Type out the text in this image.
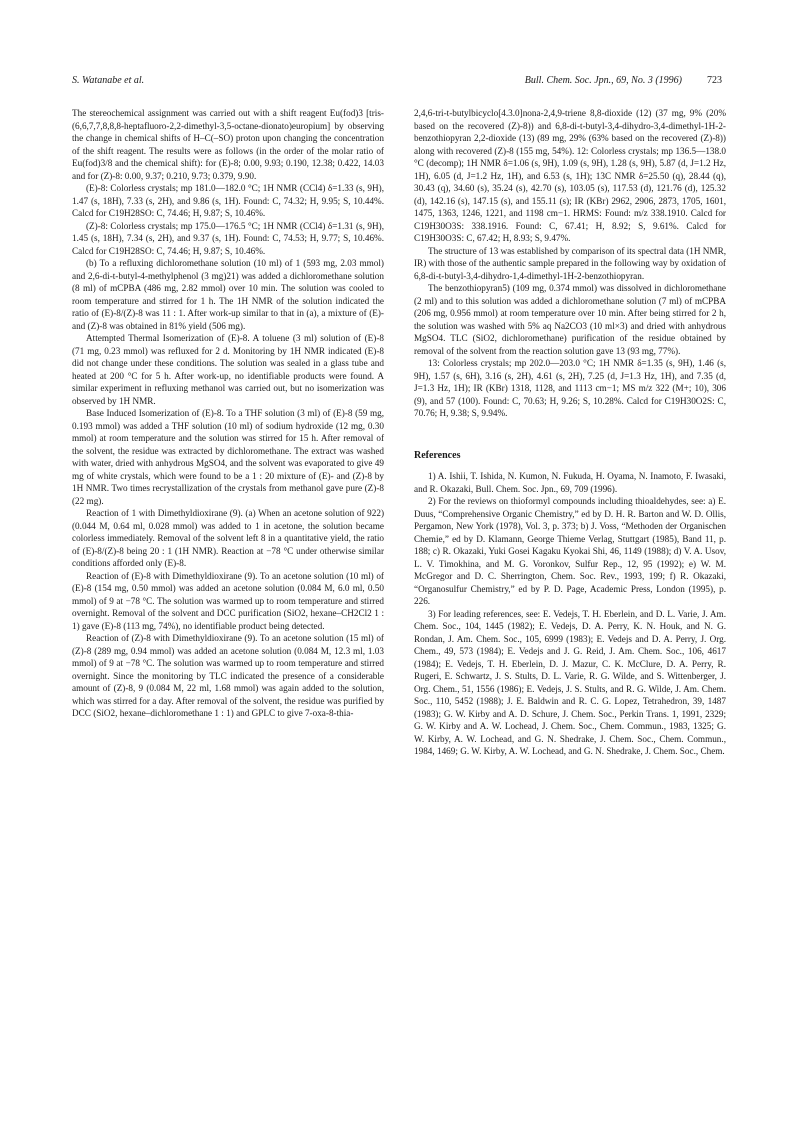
S. Watanabe et al.	Bull. Chem. Soc. Jpn., 69, No. 3 (1996)	723

The stereochemical assignment was carried out with a shift reagent Eu(fod)3 [tris-(6,6,7,7,8,8,8-heptafluoro-2,2-dimethyl-3,5-octane-dionato)europium] by observing the change in chemical shifts of H–C(–SO) proton upon changing the concentration of the shift reagent. The results were as follows (in the order of the molar ratio of Eu(fod)3/8 and the chemical shift): for (E)-8; 0.00, 9.93; 0.190, 12.38; 0.422, 14.03 and for (Z)-8: 0.00, 9.37; 0.210, 9.73; 0.379, 9.90.

(E)-8: Colorless crystals; mp 181.0—182.0 °C; 1H NMR (CCl4) δ=1.33 (s, 9H), 1.47 (s, 18H), 7.33 (s, 2H), and 9.86 (s, 1H). Found: C, 74.32; H, 9.95; S, 10.44%. Calcd for C19H28SO: C, 74.46; H, 9.87; S, 10.46%.

(Z)-8: Colorless crystals; mp 175.0—176.5 °C; 1H NMR (CCl4) δ=1.31 (s, 9H), 1.45 (s, 18H), 7.34 (s, 2H), and 9.37 (s, 1H). Found: C, 74.53; H, 9.77; S, 10.46%. Calcd for C19H28SO: C, 74.46; H, 9.87; S, 10.46%.

(b) To a refluxing dichloromethane solution (10 ml) of 1 (593 mg, 2.03 mmol) and 2,6-di-t-butyl-4-methylphenol (3 mg)21) was added a dichloromethane solution (8 ml) of mCPBA (486 mg, 2.82 mmol) over 10 min. The solution was cooled to room temperature and stirred for 1 h. The 1H NMR of the solution indicated the ratio of (E)-8/(Z)-8 was 11 : 1. After work-up similar to that in (a), a mixture of (E)- and (Z)-8 was obtained in 81% yield (506 mg).

Attempted Thermal Isomerization of (E)-8. A toluene (3 ml) solution of (E)-8 (71 mg, 0.23 mmol) was refluxed for 2 d. Monitoring by 1H NMR indicated (E)-8 did not change under these conditions. The solution was sealed in a glass tube and heated at 200 °C for 5 h. After work-up, no identifiable products were found. A similar experiment in refluxing methanol was carried out, but no isomerization was observed by 1H NMR.

Base Induced Isomerization of (E)-8. To a THF solution (3 ml) of (E)-8 (59 mg, 0.193 mmol) was added a THF solution (10 ml) of sodium hydroxide (12 mg, 0.30 mmol) at room temperature and the solution was stirred for 15 h. After removal of the solvent, the residue was extracted by dichloromethane. The extract was washed with water, dried with anhydrous MgSO4, and the solvent was evaporated to give 49 mg of white crystals, which were found to be a 1 : 20 mixture of (E)- and (Z)-8 by 1H NMR. Two times recrystallization of the crystals from methanol gave pure (Z)-8 (22 mg).

Reaction of 1 with Dimethyldioxirane (9). (a) When an acetone solution of 922) (0.044 M, 0.64 ml, 0.028 mmol) was added to 1 in acetone, the solution became colorless immediately. Removal of the solvent left 8 in a quantitative yield, the ratio of (E)-8/(Z)-8 being 20 : 1 (1H NMR). Reaction at −78 °C under otherwise similar conditions afforded only (E)-8.

Reaction of (E)-8 with Dimethyldioxirane (9). To an acetone solution (10 ml) of (E)-8 (154 mg, 0.50 mmol) was added an acetone solution (0.084 M, 6.0 ml, 0.50 mmol) of 9 at −78 °C. The solution was warmed up to room temperature and stirred overnight. Removal of the solvent and DCC purification (SiO2, hexane–CH2Cl2 1 : 1) gave (E)-8 (113 mg, 74%), no identifiable product being detected.

Reaction of (Z)-8 with Dimethyldioxirane (9). To an acetone solution (15 ml) of (Z)-8 (289 mg, 0.94 mmol) was added an acetone solution (0.084 M, 12.3 ml, 1.03 mmol) of 9 at −78 °C. The solution was warmed up to room temperature and stirred overnight. Since the monitoring by TLC indicated the presence of a considerable amount of (Z)-8, 9 (0.084 M, 22 ml, 1.68 mmol) was again added to the solution, which was stirred for a day. After removal of the solvent, the residue was purified by DCC (SiO2, hexane–dichloromethane 1 : 1) and GPLC to give 7-oxa-8-thia-

2,4,6-tri-t-butylbicyclo[4.3.0]nona-2,4,9-triene 8,8-dioxide (12) (37 mg, 9% (20% based on the recovered (Z)-8)) and 6,8-di-t-butyl-3,4-dihydro-3,4-dimethyl-1H-2-benzothiopyran 2,2-dioxide (13) (89 mg, 29% (63% based on the recovered (Z)-8)) along with recovered (Z)-8 (155 mg, 54%). 12: Colorless crystals; mp 136.5—138.0 °C (decomp); 1H NMR δ=1.06 (s, 9H), 1.09 (s, 9H), 1.28 (s, 9H), 5.87 (d, J=1.2 Hz, 1H), 6.05 (d, J=1.2 Hz, 1H), and 6.53 (s, 1H); 13C NMR δ=25.50 (q), 28.44 (q), 30.43 (q), 34.60 (s), 35.24 (s), 42.70 (s), 103.05 (s), 117.53 (d), 121.76 (d), 125.32 (d), 142.16 (s), 147.15 (s), and 155.11 (s); IR (KBr) 2962, 2906, 2873, 1705, 1601, 1475, 1363, 1246, 1221, and 1198 cm−1. HRMS: Found: m/z 338.1910. Calcd for C19H30O3S: 338.1916. Found: C, 67.41; H, 8.92; S, 9.61%. Calcd for C19H30O3S: C, 67.42; H, 8.93; S, 9.47%.

The structure of 13 was established by comparison of its spectral data (1H NMR, IR) with those of the authentic sample prepared in the following way by oxidation of 6,8-di-t-butyl-3,4-dihydro-1,4-dimethyl-1H-2-benzothiopyran.

The benzothiopyran5) (109 mg, 0.374 mmol) was dissolved in dichloromethane (2 ml) and to this solution was added a dichloromethane solution (7 ml) of mCPBA (206 mg, 0.956 mmol) at room temperature over 10 min. After being stirred for 2 h, the solution was washed with 5% aq Na2CO3 (10 ml×3) and dried with anhydrous MgSO4. TLC (SiO2, dichloromethane) purification of the residue obtained by removal of the solvent from the reaction solution gave 13 (93 mg, 77%).

13: Colorless crystals; mp 202.0—203.0 °C; 1H NMR δ=1.35 (s, 9H), 1.46 (s, 9H), 1.57 (s, 6H), 3.16 (s, 2H), 4.61 (s, 2H), 7.25 (d, J=1.3 Hz, 1H), and 7.35 (d, J=1.3 Hz, 1H); IR (KBr) 1318, 1128, and 1113 cm−1; MS m/z 322 (M+; 10), 306 (9), and 57 (100). Found: C, 70.63; H, 9.26; S, 10.28%. Calcd for C19H30O2S: C, 70.76; H, 9.38; S, 9.94%.

References

1) A. Ishii, T. Ishida, N. Kumon, N. Fukuda, H. Oyama, N. Inamoto, F. Iwasaki, and R. Okazaki, Bull. Chem. Soc. Jpn., 69, 709 (1996).

2) For the reviews on thioformyl compounds including thioaldehydes, see: a) E. Duus, “Comprehensive Organic Chemistry,” ed by D. H. R. Barton and W. D. Ollis, Pergamon, New York (1978), Vol. 3, p. 373; b) J. Voss, “Methoden der Organischen Chemie,” ed by D. Klamann, George Thieme Verlag, Stuttgart (1985), Band 11, p. 188; c) R. Okazaki, Yuki Gosei Kagaku Kyokai Shi, 46, 1149 (1988); d) V. A. Usov, L. V. Timokhina, and M. G. Voronkov, Sulfur Rep., 12, 95 (1992); e) W. M. McGregor and D. C. Sherrington, Chem. Soc. Rev., 1993, 199; f) R. Okazaki, “Organosulfur Chemistry,” ed by P. D. Page, Academic Press, London (1995), p. 226.

3) For leading references, see: E. Vedejs, T. H. Eberlein, and D. L. Varie, J. Am. Chem. Soc., 104, 1445 (1982); E. Vedejs, D. A. Perry, K. N. Houk, and N. G. Rondan, J. Am. Chem. Soc., 105, 6999 (1983); E. Vedejs and D. A. Perry, J. Org. Chem., 49, 573 (1984); E. Vedejs and J. G. Reid, J. Am. Chem. Soc., 106, 4617 (1984); E. Vedejs, T. H. Eberlein, D. J. Mazur, C. K. McClure, D. A. Perry, R. Rugeri, E. Schwartz, J. S. Stults, D. L. Varie, R. G. Wilde, and S. Wittenberger, J. Org. Chem., 51, 1556 (1986); E. Vedejs, J. S. Stults, and R. G. Wilde, J. Am. Chem. Soc., 110, 5452 (1988); J. E. Baldwin and R. C. G. Lopez, Tetrahedron, 39, 1487 (1983); G. W. Kirby and A. D. Schure, J. Chem. Soc., Perkin Trans. 1, 1991, 2329; G. W. Kirby and A. W. Lochead, J. Chem. Soc., Chem. Commun., 1983, 1325; G. W. Kirby, A. W. Lochead, and G. N. Shedrake, J. Chem. Soc., Chem. Commun., 1984, 1469; G. W. Kirby, A. W. Lochead, and G. N. Shedrake, J. Chem. Soc., Chem.
